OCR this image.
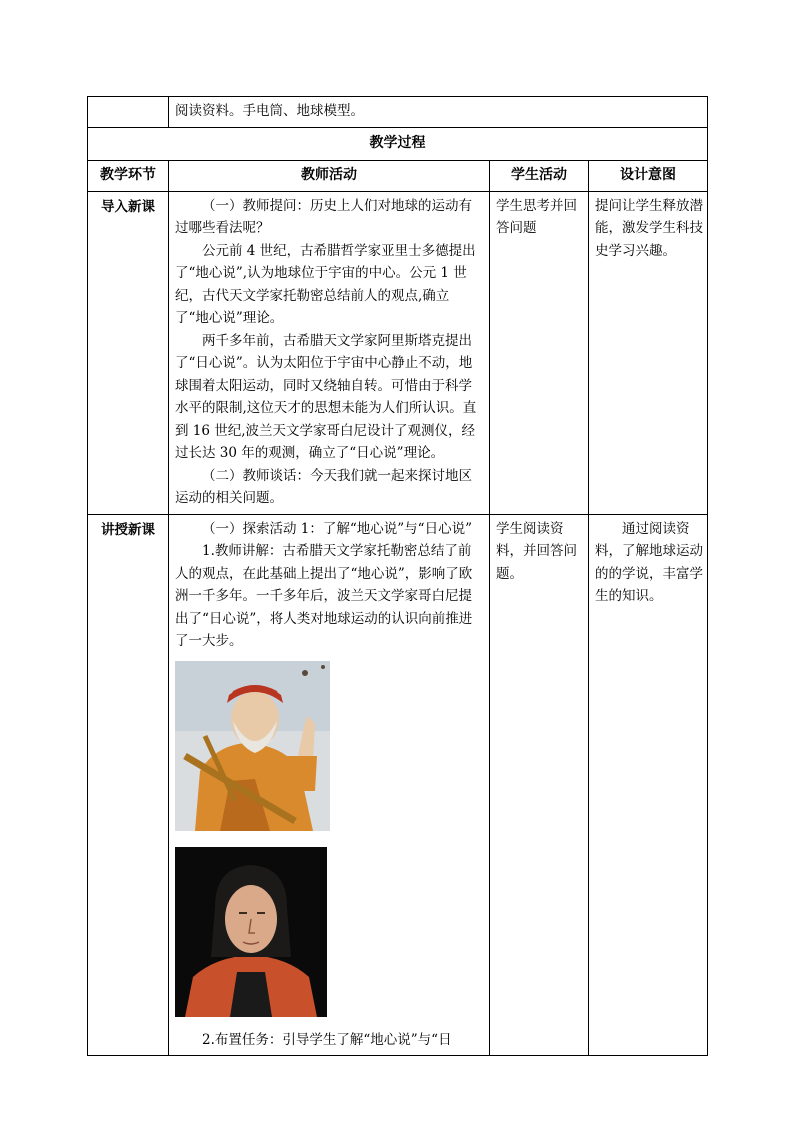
	阅读资料。手电筒、地球模型。		
教学过程			
教学环节	教师活动	学生活动	设计意图
导入新课	（一）教师提问：历史上人们对地球的运动有过哪些看法呢？

公元前 4 世纪，古希腊哲学家亚里士多德提出了“地心说”,认为地球位于宇宙的中心。公元 1 世纪，古代天文学家托勒密总结前人的观点,确立了“地心说”理论。

两千多年前，古希腊天文学家阿里斯塔克提出了“日心说”。认为太阳位于宇宙中心静止不动，地球围着太阳运动，同时又绕轴自转。可惜由于科学水平的限制,这位天才的思想未能为人们所认识。直到 16 世纪,波兰天文学家哥白尼设计了观测仪，经过长达 30 年的观测，确立了“日心说”理论。

（二）教师谈话：今天我们就一起来探讨地区运动的相关问题。	学生思考并回答问题	提问让学生释放潜能，激发学生科技史学习兴趣。
讲授新课	（一）探索活动 1：了解“地心说”与“日心说”

1.教师讲解：古希腊天文学家托勒密总结了前人的观点，在此基础上提出了“地心说”，影响了欧洲一千多年。一千多年后，波兰天文学家哥白尼提出了“日心说”，将人类对地球运动的认识向前推进了一大步。

2.布置任务：引导学生了解“地心说”与“日	学生阅读资料，并回答问题。	通过阅读资料，了解地球运动的的学说，丰富学生的知识。
